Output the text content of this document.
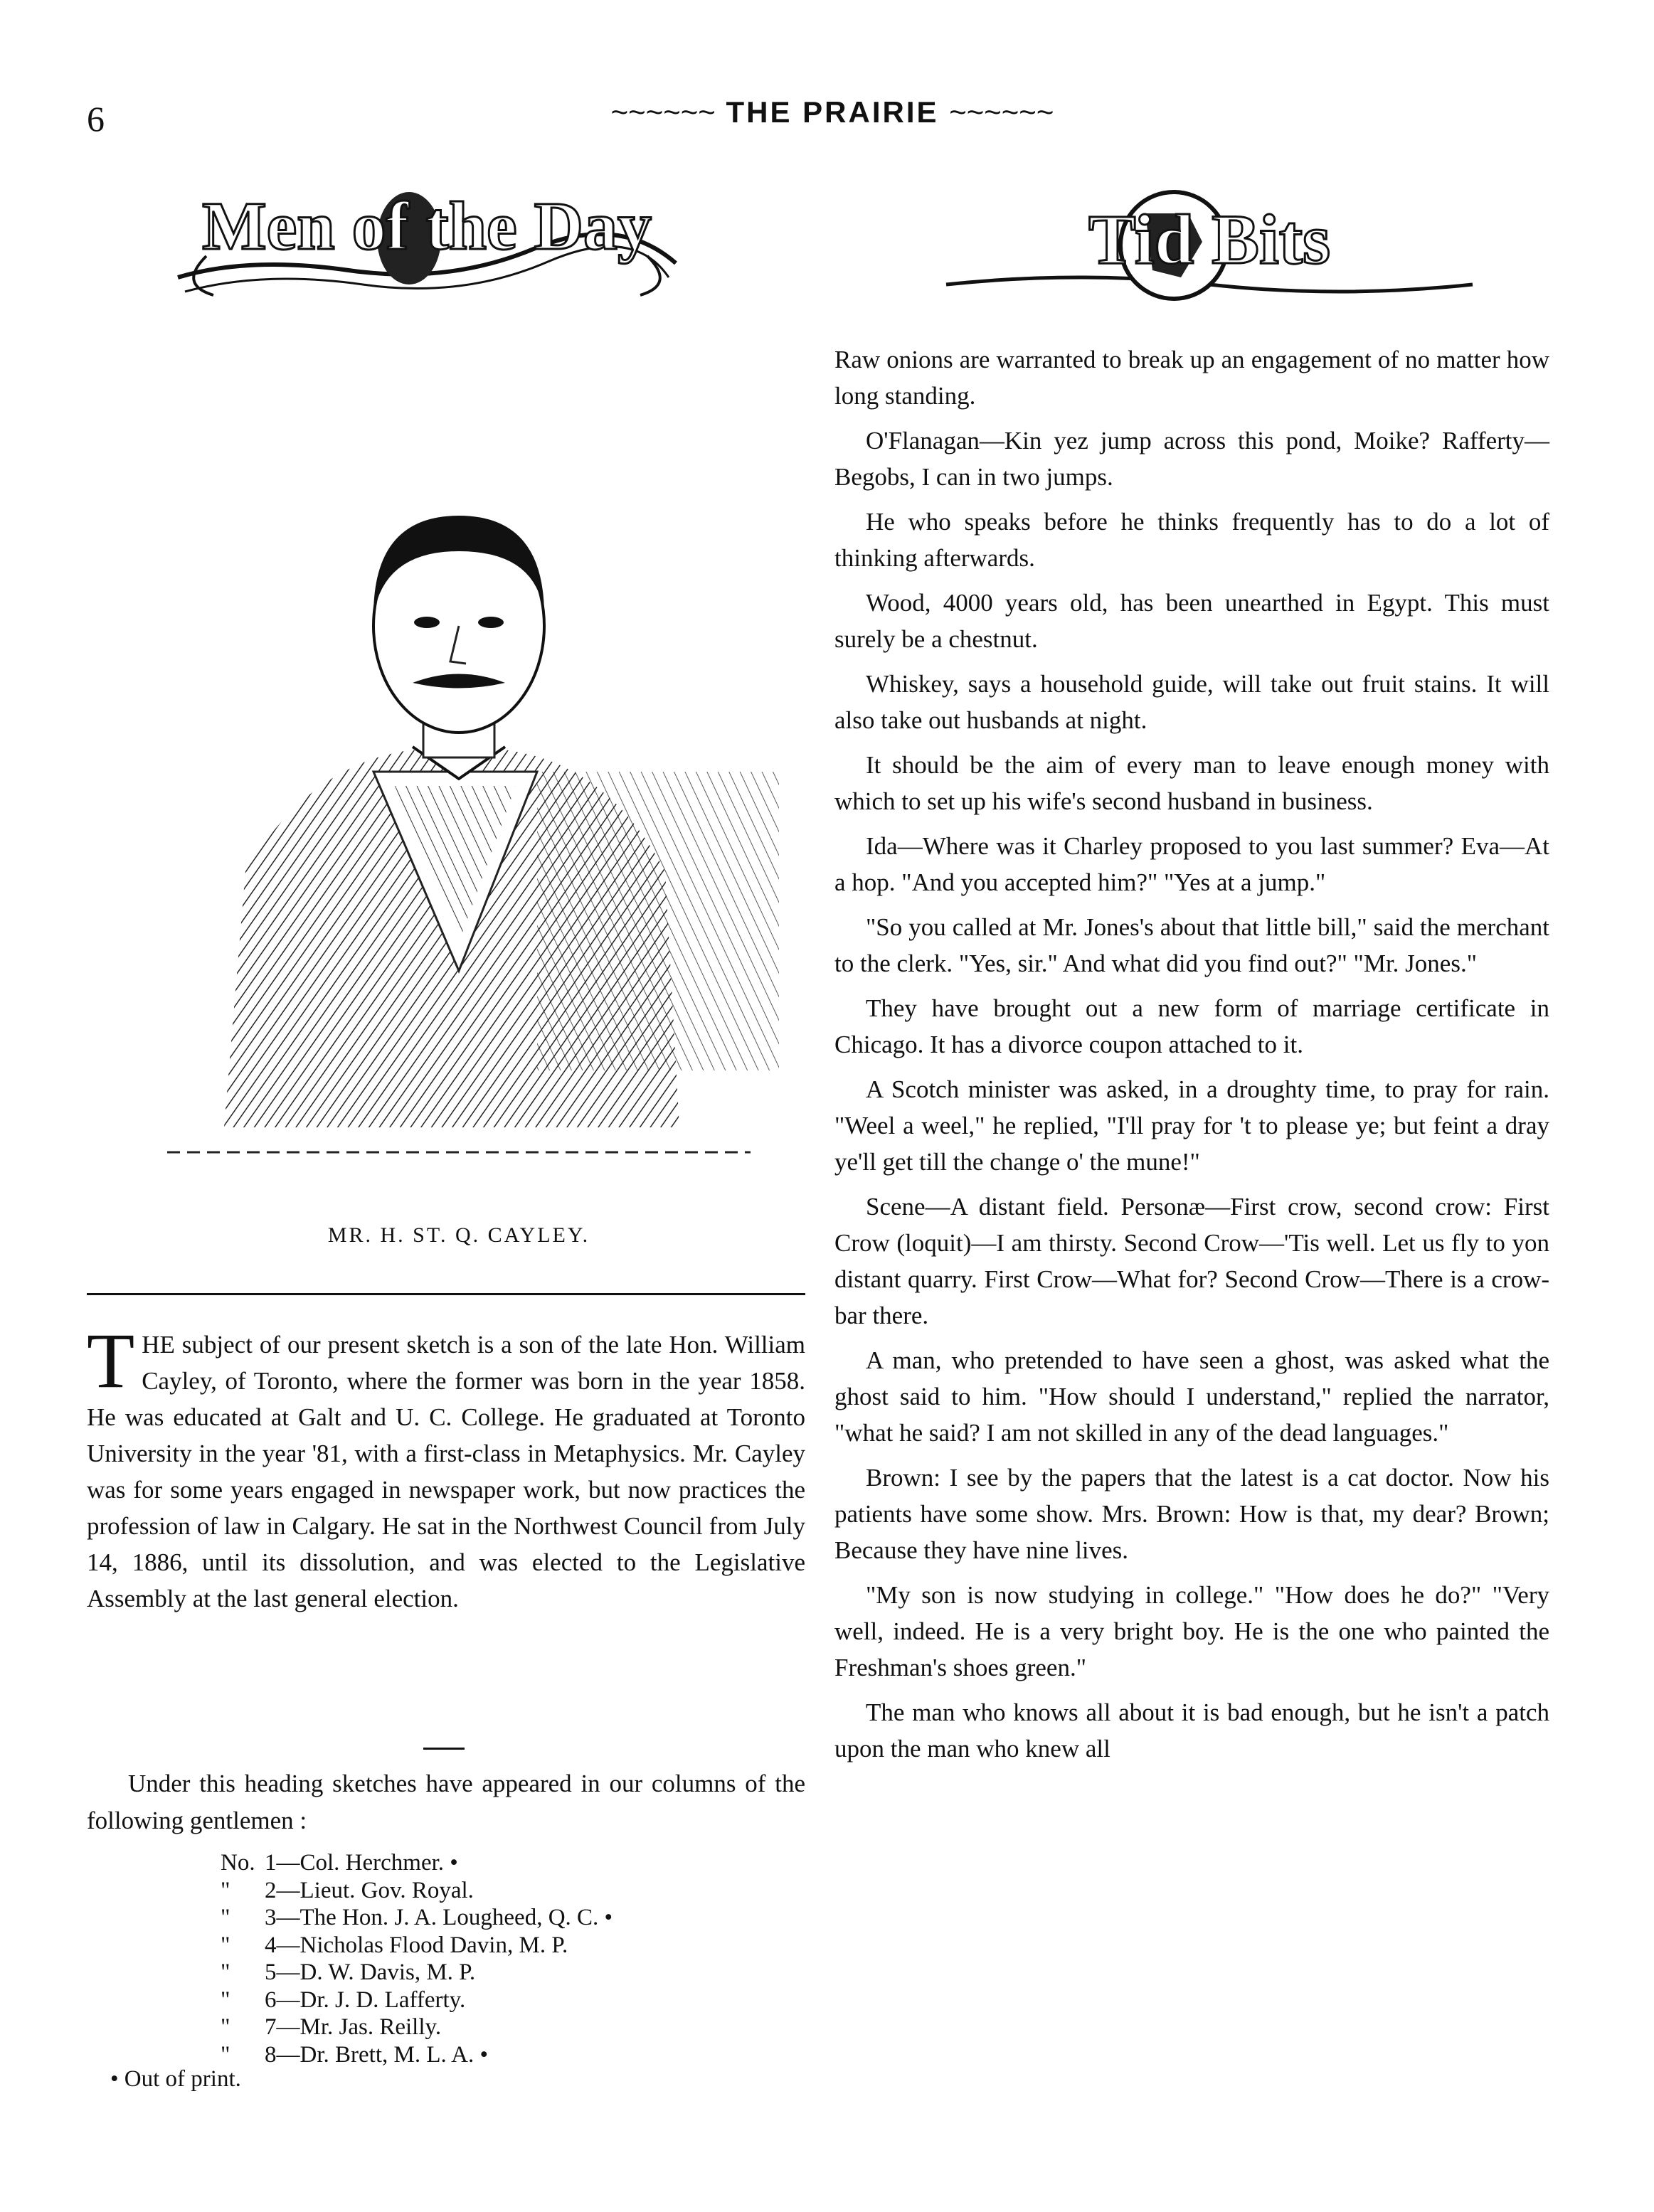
6	~~~~~~ THE PRAIRIE ~~~~~~
Men of the Day	Tid Bits
MR. H. ST. Q. CAYLEY.
T HE subject of our present sketch is a son of the late Hon. William Cayley, of Toronto, where the former was born in the year 1858. He was educated at Galt and U. C. College. He graduated at Toronto University in the year '81, with a first-class in Metaphysics. Mr. Cayley was for some years engaged in newspaper work, but now practices the profession of law in Calgary. He sat in the Northwest Council from July 14, 1886, until its dissolution, and was elected to the Legislative Assembly at the last general election.

Under this heading sketches have appeared in our columns of the following gentlemen :
No. 1—Col. Herchmer. •
" 2—Lieut. Gov. Royal.
" 3—The Hon. J. A. Lougheed, Q. C. •
" 4—Nicholas Flood Davin, M. P.
" 5—D. W. Davis, M. P.
" 6—Dr. J. D. Lafferty.
" 7—Mr. Jas. Reilly.
" 8—Dr. Brett, M. L. A. •
• Out of print.

Raw onions are warranted to break up an engagement of no matter how long standing.

O'Flanagan—Kin yez jump across this pond, Moike? Rafferty—Begobs, I can in two jumps.

He who speaks before he thinks frequently has to do a lot of thinking afterwards.

Wood, 4000 years old, has been unearthed in Egypt. This must surely be a chestnut.

Whiskey, says a household guide, will take out fruit stains. It will also take out husbands at night.

It should be the aim of every man to leave enough money with which to set up his wife's second husband in business.

Ida—Where was it Charley proposed to you last summer? Eva—At a hop. "And you accepted him?" "Yes at a jump."

"So you called at Mr. Jones's about that little bill," said the merchant to the clerk. "Yes, sir." And what did you find out?" "Mr. Jones."

They have brought out a new form of marriage certificate in Chicago. It has a divorce coupon attached to it.

A Scotch minister was asked, in a droughty time, to pray for rain. "Weel a weel," he replied, "I'll pray for 't to please ye; but feint a dray ye'll get till the change o' the mune!"

Scene—A distant field. Personæ—First crow, second crow: First Crow (loquit)—I am thirsty. Second Crow—'Tis well. Let us fly to yon distant quarry. First Crow—What for? Second Crow—There is a crow-bar there.

A man, who pretended to have seen a ghost, was asked what the ghost said to him. "How should I understand," replied the narrator, "what he said? I am not skilled in any of the dead languages."

Brown: I see by the papers that the latest is a cat doctor. Now his patients have some show. Mrs. Brown: How is that, my dear? Brown; Because they have nine lives.

"My son is now studying in college." "How does he do?" "Very well, indeed. He is a very bright boy. He is the one who painted the Freshman's shoes green."

The man who knows all about it is bad enough, but he isn't a patch upon the man who knew all
